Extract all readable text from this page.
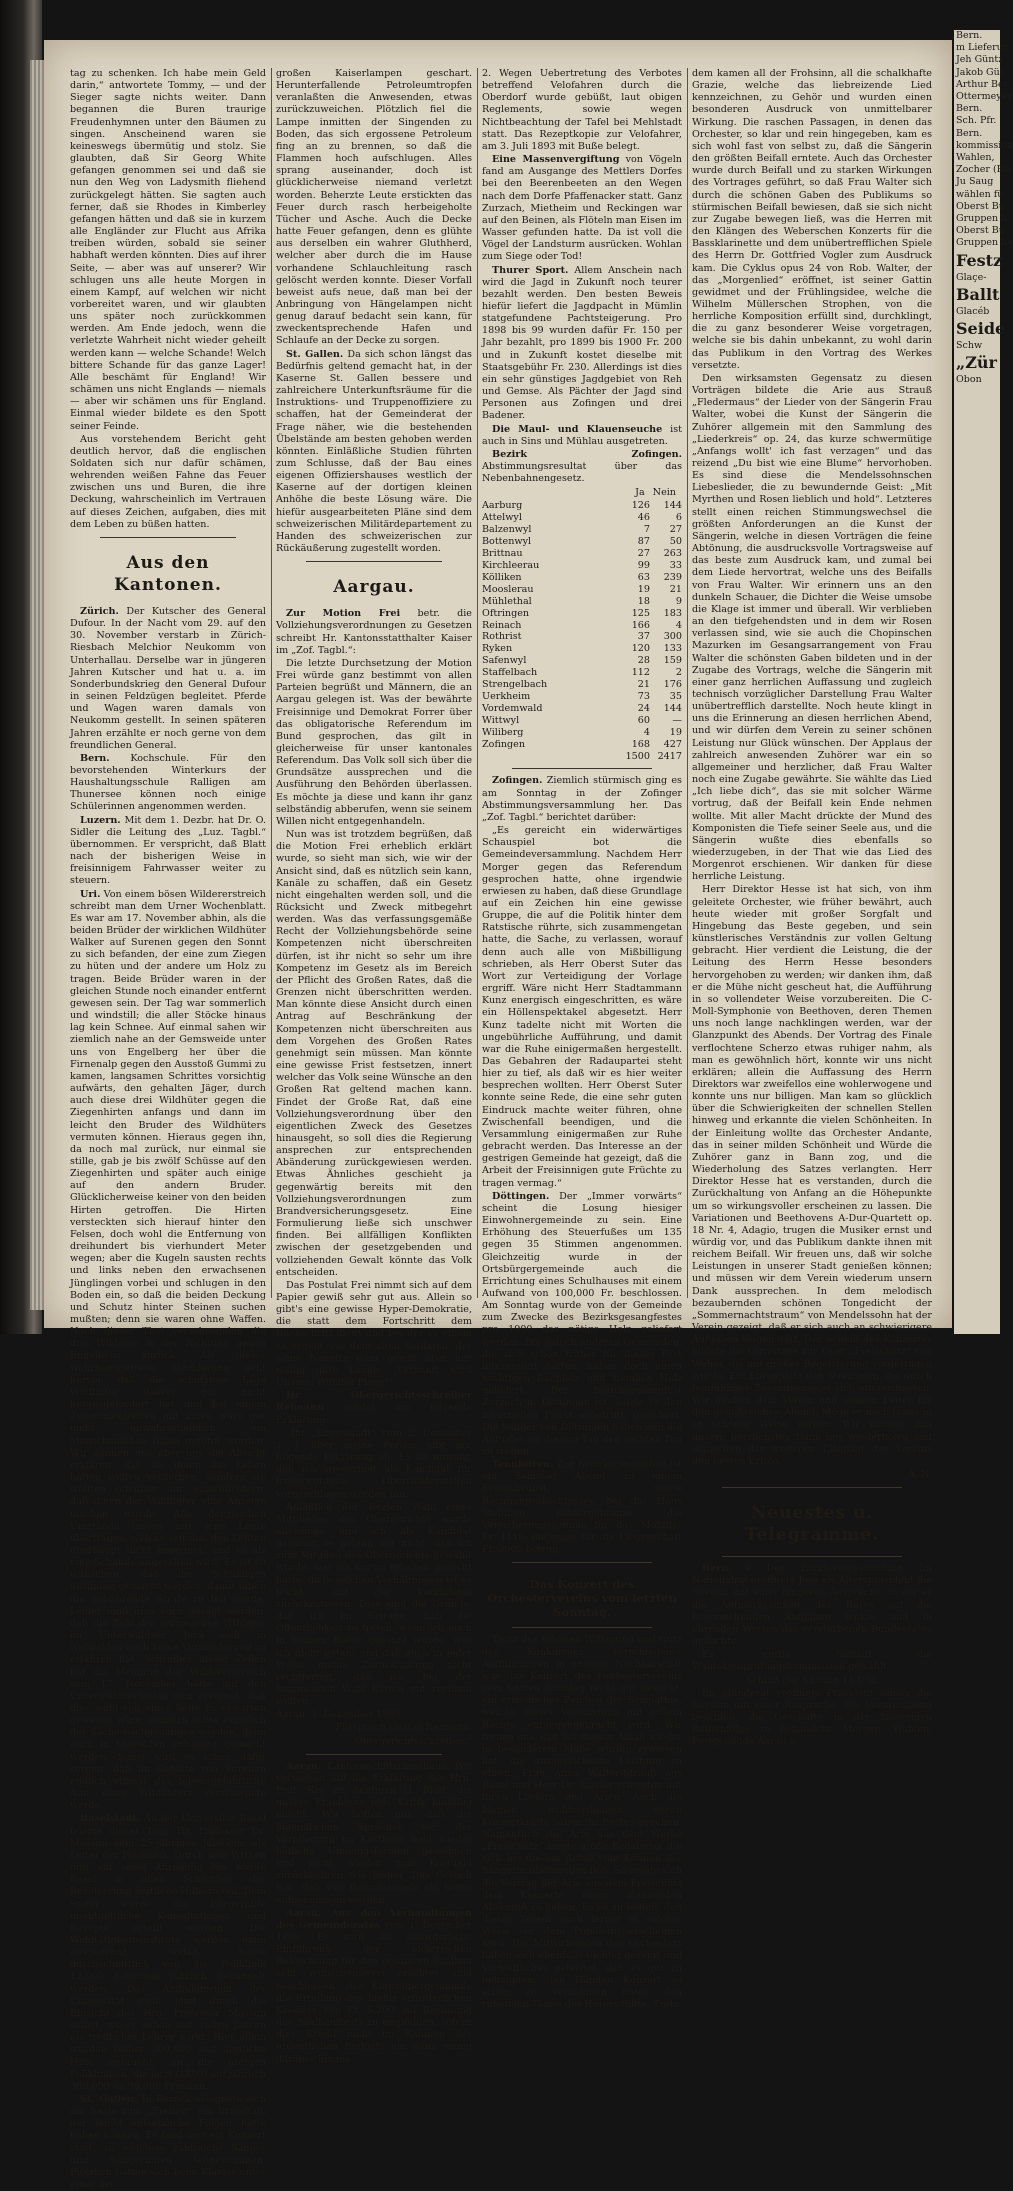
tag zu schenken. Ich habe mein Geld darin,“ antwortete Tommy, — und der Sieger sagte nichts weiter. Dann begannen die Buren traurige Freudenhymnen unter den Bäumen zu singen. Anscheinend waren sie keineswegs übermütig und stolz. Sie glaubten, daß Sir Georg White gefangen genommen sei und daß sie nun den Weg von Ladysmith fliehend zurückgelegt hätten. Sie sagten auch ferner, daß sie Rhodes in Kimberley gefangen hätten und daß sie in kurzem alle Engländer zur Flucht aus Afrika treiben würden, sobald sie seiner habhaft werden könnten. Dies auf ihrer Seite, — aber was auf unserer? Wir schlugen uns alle heute Morgen in einem Kampf, auf welchen wir nicht vorbereitet waren, und wir glaubten uns später noch zurückkommen werden. Am Ende jedoch, wenn die verletzte Wahrheit nicht wieder geheilt werden kann — welche Schande! Welch bittere Schande für das ganze Lager! Alle beschämt für England! Wir schämen uns nicht Englands — niemals — aber wir schämen uns für England. Einmal wieder bildete es den Spott seiner Feinde.

Aus vorstehendem Bericht geht deutlich hervor, daß die englischen Soldaten sich nur dafür schämen, wehrenden weißen Fahne das Feuer zwischen uns und Buren, die ihre Deckung, wahrscheinlich im Vertrauen auf dieses Zeichen, aufgaben, dies mit dem Leben zu büßen hatten.

Aus den Kantonen.

Zürich. Der Kutscher des General Dufour. In der Nacht vom 29. auf den 30. November verstarb in Zürich-Riesbach Melchior Neukomm von Unterhallau. Derselbe war in jüngeren Jahren Kutscher und hat u. a. im Sonderbundskrieg den General Dufour in seinen Feldzügen begleitet. Pferde und Wagen waren damals von Neukomm gestellt. In seinen späteren Jahren erzählte er noch gerne von dem freundlichen General.

Bern. Kochschule. Für den bevorstehenden Winterkurs der Haushaltungsschule Ralligen am Thunersee können noch einige Schülerinnen angenommen werden.

Luzern. Mit dem 1. Dezbr. hat Dr. O. Sidler die Leitung des „Luz. Tagbl.“ übernommen. Er verspricht, daß Blatt nach der bisherigen Weise in freisinnigem Fahrwasser weiter zu steuern.

Uri. Von einem bösen Wildererstreich schreibt man dem Urner Wochenblatt. Es war am 17. November abhin, als die beiden Brüder der wirklichen Wildhüter Walker auf Surenen gegen den Sonnt zu sich befanden, der eine zum Ziegen zu hüten und der andere um Holz zu tragen. Beide Brüder waren in der gleichen Stunde noch einander entfernt gewesen sein. Der Tag war sommerlich und windstill; die aller Stöcke hinaus lag kein Schnee. Auf einmal sahen wir ziemlich nahe an der Gemsweide unter uns von Engelberg her über die Firnenalp gegen den Ausstoß Gummi zu kamen, langsamen Schrittes vorsichtig aufwärts, den gehalten Jäger, durch auch diese drei Wildhüter gegen die Ziegenhirten anfangs und dann im leicht den Bruder des Wildhüters vermuten können. Hieraus gegen ihn, da noch mal zurück, nur einmal sie stille, gab je bis zwölf Schüsse auf den Ziegenhirten und später auch einige auf den andern Bruder. Glücklicherweise keiner von den beiden Hirten getroffen. Die Hirten versteckten sich hierauf hinter den Felsen, doch wohl die Entfernung von dreihundert bis vierhundert Meter wegen; aber die Kugeln sausten rechts und links neben den erwachsenen Jünglingen vorbei und schlugen in den Boden ein, so daß die beiden Deckung und Schutz hinter Steinen suchen mußten; denn sie waren ohne Waffen. Nach dieser That verschwanden die drei Wilderer in der Richtung gegen Engelberg zurück. Als dieser wahrheitsgetreue Schilderung geht hervor, daß die schutzlose Lage Wildhüter Walker gar nicht herausgefordert hat und bei einem Zusammentreffen mit ihnen wäre gar nicht unwahrscheinlich ein Menschenleben dabei getötet worden. Wir können uns aber nur die Absicht erklären, daß sie ihnen das Leben hätten wollen verderben, sondern sie wollten offenbar nur einschüchtern, daß ihnen der Wildhüter eine Anzeige machen würde. Alle dergleichen Umstände lassen nur jene Leute übertragen, welche seit ihm den Leuten überhaupt nicht begegnet, und es als eine Schande angesehen wird. Es ist zu wünschen, daß die Schuldigen ausfindig gemacht werden, damit ihnen die gebührende Strafe zu teil werde. Leider muß man auch gesagt werden, daß die Zahl der verwegenen Wilderer im Unterwaldner Jura sich in Nidwalden auch keine Verminderung zu erfahren hat. Schreiber dieser Zeilen hat die Meinung der Wildererstreich vom 17. November hätte auf den Unterwaldnerboden sich ereignet, daß dies wohl von einer Seite zu erwarten gewesen wäre, sondern sollte ernstlich der Sache nachgegangen werden, denn auch in Obwalden anhängig gemacht werden. Sonst wird es schon dafür sorgen, daß im Gebiete von Surenen endlich einmal das lebensgefährliche Amt eines Wildhüters verschwinde werde.

Baselstadt. An der Universität Basel feierte dieser Tage Hr. Professor Dr. Massini sein 25-jähriges Jubiläum als Leiter der Poliklinik. Durch sein Wirken und auf seine Anregung hin wurde Basel in allen Schichten der Bevölkerung ärztliche Hilfe zu teil. Dem Spital wurde die Bürgerhilfe unentgeltliche Konsultationen und Rezepte erteilt werden. Die Wohltätigkeitsinstitute werden dann ausgedehnt, sodaß heute durchschnittlich von die Poliklinik 12,000 Patienten jährlich behandelt werden. Das Ambulatorium der Universität stellt jetzt durch die Einsicht des Hrn. Professor Massini selbst, wo er schon seit vielen Jahren als trefflicher Lehrer wirkt. Hier allein wurden bisher 300,000 mal ärztliche Hilfe gebracht; an die übrigen Polikliniken, die jetzt (1890) auf jährlich 300,000 an 90,000 Franken.

St. Gallen. In Bernek ereignete sich am Saale zum „Freihof“ ein Brandfall, der leicht entsetzliche Folgen hätte haben können. Es fand dort ein Konzert statt, an welchem zahlreiche Sänger und Sängerinnen teilgenommen. Plötzlich hatten sich beim Klavier unter einer der

großen Kaiserlampen geschart. Herunterfallende Petroleumtropfen veranlaßten die Anwesenden, etwas zurückzuweichen. Plötzlich fiel die Lampe inmitten der Singenden zu Boden, das sich ergossene Petroleum fing an zu brennen, so daß die Flammen hoch aufschlugen. Alles sprang auseinander, doch ist glücklicherweise niemand verletzt worden. Beherzte Leute erstickten das Feuer durch rasch herbeigeholte Tücher und Asche. Auch die Decke hatte Feuer gefangen, denn es glühte aus derselben ein wahrer Gluthherd, welcher aber durch die im Hause vorhandene Schlauchleitung rasch gelöscht werden konnte. Dieser Vorfall beweist aufs neue, daß man bei der Anbringung von Hängelampen nicht genug darauf bedacht sein kann, für zweckentsprechende Hafen und Schlaufe an der Decke zu sorgen.

St. Gallen. Da sich schon längst das Bedürfnis geltend gemacht hat, in der Kaserne St. Gallen bessere und zahlreichere Unterkunftsräume für die Instruktions- und Truppenoffiziere zu schaffen, hat der Gemeinderat der Frage näher, wie die bestehenden Übelstände am besten gehoben werden könnten. Einläßliche Studien führten zum Schlusse, daß der Bau eines eigenen Offiziershauses westlich der Kaserne auf der dortigen kleinen Anhöhe die beste Lösung wäre. Die hiefür ausgearbeiteten Pläne sind dem schweizerischen Militärdepartement zu Handen des schweizerischen zur Rückäußerung zugestellt worden.

Aargau.

Zur Motion Frei betr. die Vollziehungsverordnungen zu Gesetzen schreibt Hr. Kantonsstatthalter Kaiser im „Zof. Tagbl.“:

Die letzte Durchsetzung der Motion Frei würde ganz bestimmt von allen Parteien begrüßt und Männern, die an Aargau gelegen ist. Was der bewährte Freisinnige und Demokrat Forrer über das obligatorische Referendum im Bund gesprochen, das gilt in gleicherweise für unser kantonales Referendum. Das Volk soll sich über die Grundsätze aussprechen und die Ausführung den Behörden überlassen. Es möchte ja diese und kann ihr ganz selbständig abberufen, wenn sie seinem Willen nicht entgegenhandeln.

Nun was ist trotzdem begrüßen, daß die Motion Frei erheblich erklärt wurde, so sieht man sich, wie wir der Ansicht sind, daß es nützlich sein kann, Kanäle zu schaffen, daß ein Gesetz nicht eingehalten werden soll, und die Rücksicht und Zweck mitbegehrt werden. Was das verfassungsgemäße Recht der Vollziehungsbehörde seine Kompetenzen nicht überschreiten dürfen, ist ihr nicht so sehr um ihre Kompetenz im Gesetz als im Bereich der Pflicht des Großen Rates, daß die Grenzen nicht überschritten werden. Man könnte diese Ansicht durch einen Antrag auf Beschränkung der Kompetenzen nicht überschreiten aus dem Vorgehen des Großen Rates genehmigt sein müssen. Man könnte eine gewisse Frist festsetzen, innert welcher das Volk seine Wünsche an den Großen Rat geltend machen kann. Findet der Große Rat, daß eine Vollziehungsverordnung über den eigentlichen Zweck des Gesetzes hinausgeht, so soll dies die Regierung ansprechen zur entsprechenden Abänderung zurückgewiesen werden. Etwas Ähnliches geschieht ja gegenwärtig bereits mit den Vollziehungsverordnungen zum Brandversicherungsgesetz. Eine Formulierung ließe sich unschwer finden. Bei allfälligen Konflikten zwischen der gesetzgebenden und vollziehenden Gewalt könnte das Volk entscheiden.

Das Postulat Frei nimmt sich auf dem Papier gewiß sehr gut aus. Allein so gibt's eine gewisse Hyper-Demokratie, die statt dem Fortschritt dem Rückschritt dient und bei der es einem so ergeht wie dem alten Soldaten, der seine Nanette ganz gewiß über nur wenig gute Laune: „Vernunft wird Unsinn, Wohltat Plage!“

Hr. Obergerichtsschreiber Reimann sendet uns folgende Erklärung:

„Ihr „Eingesandt“ vom 2. Dezember 1. J. über meine Person gibt mir folgende Erklärung ab: Es ist unwahr, daß ich wiederholt als Kandidat für freigewordene Oberrichterstellen vorgeschlagen worden bin.

Anläßlich der letzten Wahl eines Mitgliedes des Obergerichts wurde allerdings und ich als Kandidat genannt; es gelang mir nicht, daß ich zum Mitglied des Obergerichts gewählt wurde, was ich nur zu erhalten gesucht hatte; da in solchen Verhältnissen ist es leicht, mit der Kandidatur zurückzutreten. Dies sind die Gründe, daß ich im Ertrage, hab die Öffentlichkeit zu treten, wenn ich auch in keinem Blatte genannt würde, was ich nicht getan; und daß auch in jeder Weise meine Zurückhaltung nicht rechtfertigt, daß ich bei der kommenden Wahl hätten gut rechnen wollen.

Aarau, 4. Dezember 1899.

Fürsprech Gustav Reimann,

Obergerichtsschreiber.“

Aarau. Kantonsschülerkosthaus. Wir verweisen auf die Erklärung des Hrn. Prof. Rey im heutigen II. Blatt, die unsers Erachtens jede Kritik hinfällig macht. Wir hoffen nur, daß die jugendlichen Sprecher vor der Verpflegung im Kosthaus bald wieder höfliche Umgangsformen gewöhnen und nicht wieder zum Kostgeld zurückkehren wie bisher. Das Gesuch war, daß von Raummangels etc heute aufgenommen werden.

Aarau. Aus den Verhandlungen des Gemeinderates vom 1. Dezember 1899. Es wird die beförderliche Einführung der elektrischen Beleuchtung für den gesamten Saalbau sehr wünschenswert erachtet, und beschlossen, der Einwohnergemeinde die Erteilung des hiefür erforderlichen Kredites von Fr. 5,200 auf Rechnung des Saalbaufonds zu empfehlen, sofern dies Kredit nicht im Rahmen des ordentlichen Budgets ein ganz wenig darüber hinaus

2. Wegen Uebertretung des Verbotes betreffend Velofahren durch die Oberdorf wurde gebüßt, laut obigen Reglements, sowie wegen Nichtbeachtung der Tafel bei Mehlstadt statt. Das Rezeptkopie zur Velofahrer, am 3. Juli 1893 mit Buße belegt.

Eine Massenvergiftung von Vögeln fand am Ausgange des Mettlers Dorfes bei den Beerenbeeten an den Wegen nach dem Dorfe Pfaffenacker statt. Ganz Zurzach, Mietheim und Reckingen war auf den Beinen, als Flöteln man Eisen im Wasser gefunden hatte. Da ist voll die Vögel der Landsturm ausrücken. Wohlan zum Siege oder Tod!

Thurer Sport. Allem Anschein nach wird die Jagd in Zukunft noch teurer bezahlt werden. Den besten Beweis hiefür liefert die Jagdpacht in Mümlin statgefundene Pachtsteigerung. Pro 1898 bis 99 wurden dafür Fr. 150 per Jahr bezahlt, pro 1899 bis 1900 Fr. 200 und in Zukunft kostet dieselbe mit Staatsgebühr Fr. 230. Allerdings ist dies ein sehr günstiges Jagdgebiet von Reh und Gemse. Als Pächter der Jagd sind Personen aus Zofingen und drei Badener.

Die Maul- und Klauenseuche ist auch in Sins und Mühlau ausgetreten.

Bezirk Zofingen. Abstimmungsresultat über das Nebenbahnengesetz.

Ja Nein
Aarburg	126	144
Attelwyl	46	6
Balzenwyl	7	27
Bottenwyl	87	50
Brittnau	27	263
Kirchleerau	99	33
Kölliken	63	239
Mooslerau	19	21
Mühlethal	18	9
Oftringen	125	183
Reinach	166	4
Rothrist	37	300
Ryken	120	133
Safenwyl	28	159
Staffelbach	112	2
Strengelbach	21	176
Uerkheim	73	35
Vordemwald	24	144
Wittwyl	60	—
Wiliberg	4	19
Zofingen	168	427
	1500	2417

Zofingen. Ziemlich stürmisch ging es am Sonntag in der Zofinger Abstimmungsversammlung her. Das „Zof. Tagbl.“ berichtet darüber:

„Es gereicht ein widerwärtiges Schauspiel bot die Gemeindeversammlung. Nachdem Herr Morger gegen das Referendum gesprochen hatte, ohne irgendwie erwiesen zu haben, daß diese Grundlage auf ein Zeichen hin eine gewisse Gruppe, die auf die Politik hinter dem Ratstische rührte, sich zusammengetan hatte, die Sache, zu verlassen, worauf denn auch alle von Mißbilligung schrieben, als Herr Oberst Suter das Wort zur Verteidigung der Vorlage ergriff. Wäre nicht Herr Stadtammann Kunz energisch eingeschritten, es wäre ein Höllenspektakel abgesetzt. Herr Kunz tadelte nicht mit Worten die ungebührliche Aufführung, und damit war die Ruhe einigermaßen hergestellt. Das Gebahren der Radaupartei steht hier zu tief, als daß wir es hier weiter besprechen wollten. Herr Oberst Suter konnte seine Rede, die eine sehr guten Eindruck machte weiter führen, ohne Zwischenfall beendigen, und die Versammlung einigermaßen zur Ruhe gebracht werden. Das Interesse an der gestrigen Gemeinde hat gezeigt, daß die Arbeit der Freisinnigen gute Früchte zu tragen vermag.“

Döttingen. Der „Immer vorwärts“ scheint die Losung hiesiger Einwohnergemeinde zu sein. Eine Erhöhung des Steuerfußes um 135 gegen 35 Stimmen angenommen. Gleichzeitig wurde in der Ortsbürgergemeinde auch die Errichtung eines Schulhauses mit einem Aufwand von 100,000 Fr. beschlossen. Am Sonntag wurde von der Gemeinde zum Zwecke des Bezirksgesangfestes pro 1900 das nötige Holz geliefert werden. Die jedoch anderen Gemeinden, die sich schon früher für dieses Fest interessiert hätten, haben doch einen wichtigen Bauplatz und ziemlich Holz geliefert. Der Bezirksgesangfest Zurzach in Döttingen ist, sowie es den finanziellen Punkt anbetrifft, gesichert. Die Sänger von Döttingen haben nun die Aufgabe, an diesem Tag den rechten Ton zu treffen.

Tennbüren. Zur Bezirksgesangfest ist am Samstag Abend zu einem Feuersbrunst, sowie Rechnungsabschlusses, bei das Haus Mobilien niedergebrannt, die Versicherungssumme für das Mobiliar Fr. 4440, diejenige für die Liegenschaft Fr. 3900 betrug.

Das Konzert des Orchestervereins vom letzten Sonntag.

Trotz des schönen Witterung und trotz der Konkurrenz verschiedener Aufführungen in unserer Nachbarstadt war das Konzert des Orchestervereins vom letzten Sonntag recht gut besucht, ein erfreuliches Zeichen der Sympathie, welche dieser Vereinigung mit vollem Rechte entgegengebracht wird. Wir freuen uns, daß bei diesem Anlaß wieder in besonderem Maße würdig erwiesen hat, die ausgezeichnete Leistung zu ehren. Frau Anna Walter-Strauß aus Basel und Herr Dr. Amsler erfreuten mit ihren Liedern und Arien. Auch die kleinen wohlverdienten ehren Konzertkräfte haben ihr Bestes gegeben. Namentlich die Arie aus dem Werke „Freischütz“ zeigte große Begabung, die sich bei diesem Anlaß vom Können der Sängerin überzeugen ließ. So zeigte sich die Vortrag der Arie aus dem Freischütz dem Konzerte einen glänzenden Abschluß zu geben. Es ist zu hoffen, daß dieser Verein auch ferner in solcher Weise vor dem Publikum erscheinen wird. Die Mitwirkenden des Orchesters haben sich ebenfalls tüchtig gezeigt und Vortreffliches geleistet, daß es gut zu behaupten, den Händen Konzert so schön zu vernehmen unter den ruhenden Tönen des Hörers füllte. Trotz-

dem kamen all der Frohsinn, all die schalkhafte Grazie, welche das liebreizende Lied kennzeichnen, zu Gehör und wurden einen besonderen Ausdruck von unmittelbarer Wirkung. Die raschen Passagen, in denen das Orchester, so klar und rein hingegeben, kam es sich wohl fast von selbst zu, daß die Sängerin den größten Beifall erntete. Auch das Orchester wurde durch Beifall und zu starken Wirkungen des Vortrages geführt, so daß Frau Walter sich durch die schönen Gaben des Publikums so stürmischen Beifall bewiesen, daß sie sich nicht zur Zugabe bewegen ließ, was die Herren mit den Klängen des Weberschen Konzerts für die Bassklarinette und dem unübertrefflichen Spiele des Herrn Dr. Gottfried Vogler zum Ausdruck kam. Die Cyklus opus 24 von Rob. Walter, der das „Morgenlied“ eröffnet, ist seiner Gattin gewidmet und der Frühlingsidee, welche die Wilhelm Müllerschen Strophen, von die herrliche Komposition erfüllt sind, durchklingt, die zu ganz besonderer Weise vorgetragen, welche sie bis dahin unbekannt, zu wohl darin das Publikum in den Vortrag des Werkes versetzte.

Den wirksamsten Gegensatz zu diesen Vorträgen bildete die Arie aus Strauß „Fledermaus“ der Lieder von der Sängerin Frau Walter, wobei die Kunst der Sängerin die Zuhörer allgemein mit den Sammlung des „Liederkreis“ op. 24, das kurze schwermütige „Anfangs wollt' ich fast verzagen“ und das reizend „Du bist wie eine Blume“ hervorhoben. Es sind diese die Mendelssohnschen Liebeslieder, die zu bewundernde Geist: „Mit Myrthen und Rosen lieblich und hold“. Letzteres stellt einen reichen Stimmungswechsel die größten Anforderungen an die Kunst der Sängerin, welche in diesen Vorträgen die feine Abtönung, die ausdrucksvolle Vortragsweise auf das beste zum Ausdruck kam, und zumal bei dem Liede hervortrat, welche uns des Beifalls von Frau Walter. Wir erinnern uns an den dunkeln Schauer, die Dichter die Weise umsobe die Klage ist immer und überall. Wir verblieben an den tiefgehendsten und in dem wir Rosen verlassen sind, wie sie auch die Chopinschen Mazurken im Gesangsarrangement von Frau Walter die schönsten Gaben bildeten und in der Zugabe des Vortrags, welche die Sängerin mit einer ganz herrlichen Auffassung und zugleich technisch vorzüglicher Darstellung Frau Walter unübertrefflich darstellte. Noch heute klingt in uns die Erinnerung an diesen herrlichen Abend, und wir dürfen dem Verein zu seiner schönen Leistung nur Glück wünschen. Der Applaus der zahlreich anwesenden Zuhörer war ein so allgemeiner und herzlicher, daß Frau Walter noch eine Zugabe gewährte. Sie wählte das Lied „Ich liebe dich“, das sie mit solcher Wärme vortrug, daß der Beifall kein Ende nehmen wollte. Mit aller Macht drückte der Mund des Komponisten die Tiefe seiner Seele aus, und die Sängerin wußte dies ebenfalls so wiederzugeben, in der That wie das Lied des Morgenrot erschienen. Wir danken für diese herrliche Leistung.

Herr Direktor Hesse ist hat sich, von ihm geleitete Orchester, wie früher bewährt, auch heute wieder mit großer Sorgfalt und Hingebung das Beste gegeben, und sein künstlerisches Verständnis zur vollen Geltung gebracht. Hier verdient die Leistung, die der Leitung des Herrn Hesse besonders hervorgehoben zu werden; wir danken ihm, daß er die Mühe nicht gescheut hat, die Aufführung in so vollendeter Weise vorzubereiten. Die C-Moll-Symphonie von Beethoven, deren Themen uns noch lange nachklingen werden, war der Glanzpunkt des Abends. Der Vortrag des Finale verflochtene Scherzo etwas ruhiger nahm, als man es gewöhnlich hört, konnte wir uns nicht erklären; allein die Auffassung des Herrn Direktors war zweifellos eine wohlerwogene und konnte uns nur billigen. Man kam so glücklich über die Schwierigkeiten der schnellen Stellen hinweg und erkannte die vielen Schönheiten. In der Einleitung wollte das Orchester Andante, das in seiner milden Schönheit und Würde die Zuhörer ganz in Bann zog, und die Wiederholung des Satzes verlangten. Herr Direktor Hesse hat es verstanden, durch die Zurückhaltung von Anfang an die Höhepunkte um so wirkungsvoller erscheinen zu lassen. Die Variationen und Beethovens A-Dur-Quartett op. 18 Nr. 4, Adagio, trugen die Musiker ernst und würdig vor, und das Publikum dankte ihnen mit reichem Beifall. Wir freuen uns, daß wir solche Leistungen in unserer Stadt genießen können; und müssen wir dem Verein wiederum unsern Dank aussprechen. In dem melodisch bezaubernden schönen Tongedicht der „Sommernachtstraum“ von Mendelssohn hat der Verein gezeigt, daß er sich auch an schwierigere Aufgaben wagen darf. Der Schluß des Konzertes bildete die Ouvertüre zur Oper „Freischütz“ von Weber, die mit großer Begeisterung vorgetragen wurde. Ein Ehrenplatz den Streichern, die durch feinfühliges Zusammenspiel sich auszeichneten. Wir danken dem Verein und seinem Leiter für den genußreichen Abend. Möge er noch lange in so schöner Weise wirken. Wir können ihm unsern herzlichsten Dank nur wiederholen und wünschen der weiteren Tätigkeit des Vereins den besten Erfolg.

A. N.

Neuestes u. Telegramme.

Bern, 4. Dez. Bundesversammlung. Im Nationalrat eröffnete Joos als Alterspräsident die Session mit einer längeren Ansprache, in der er die Aufmerksamkeit des Rates auf die bevorstehenden Aufgaben lenkte und in ehrenden Worten des verstorbenen Bundesrates gedachte.

Es wurde hierauf die Wahlaktenprüfungskommission gewählt.

Schluß der Sitzung 11 Uhr.

Im Ständerat eröffnete Präsident Simen die Session mit einer Ansprache. Die Versammlung beschloß, die Geschäfte in der bisherigen Reihenfolge zu behandeln. Morgen: Wahlen, Postgebäude Aarau u.

Bern.
m Lieferun
Jeh Güntz
Jakob Gül
Arthur Ber
Ottermeyer
Bern.
Sch. Pfr.
Bern.
kommission
Wahlen,
Zocher (Bo
Ju Saug
wählen fü
Oberst Bü
Gruppen h
Oberst Bü
Gruppen he
Festz
Glaçe-
Ballt
Glacéb
Seide
Schw
„Zür
Obon
